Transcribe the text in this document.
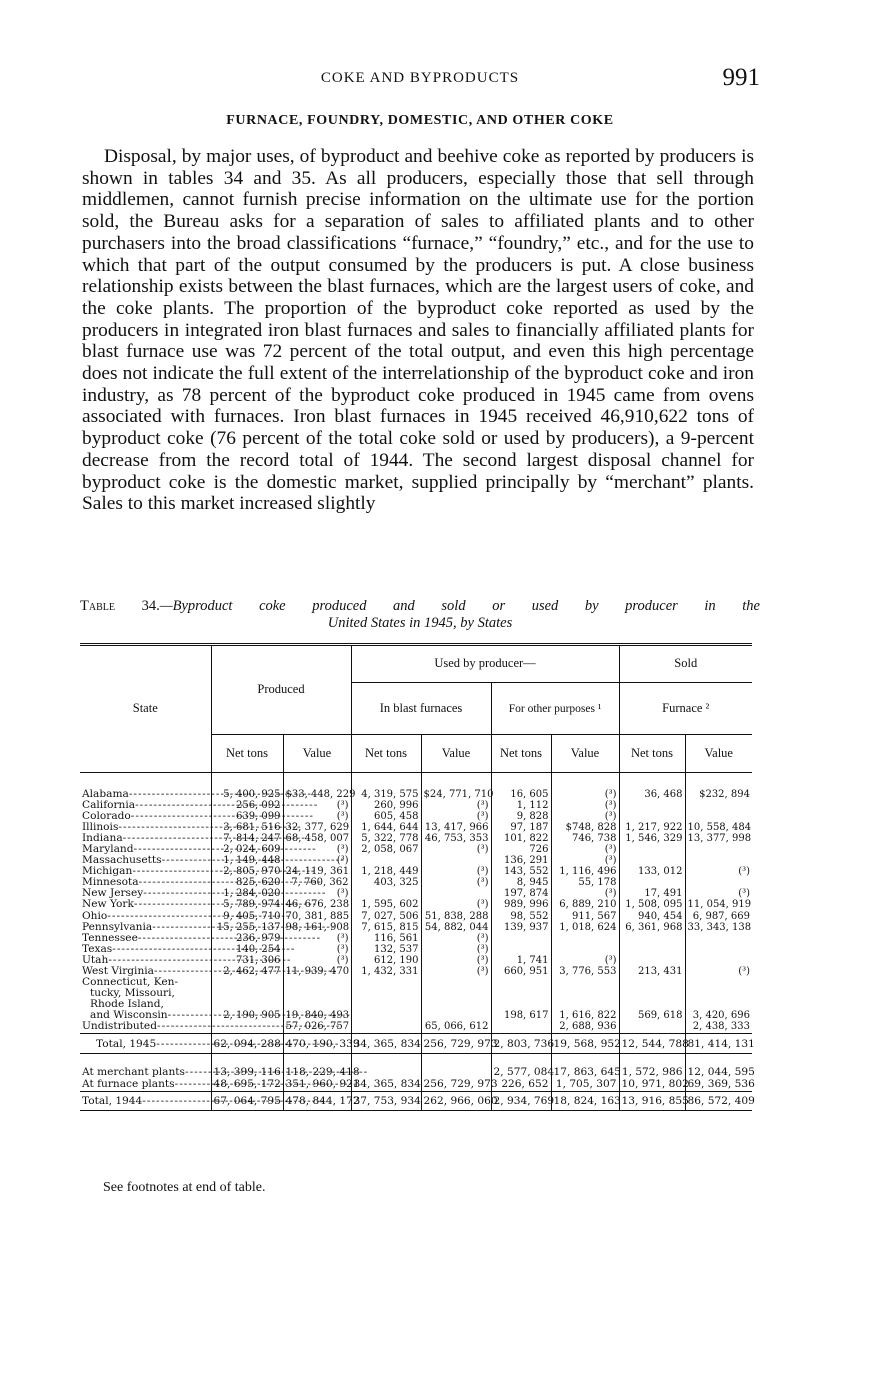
COKE AND BYPRODUCTS	991
FURNACE, FOUNDRY, DOMESTIC, AND OTHER COKE

Disposal, by major uses, of byproduct and beehive coke as reported by producers is shown in tables 34 and 35. As all producers, especially those that sell through middlemen, cannot furnish precise information on the ultimate use for the portion sold, the Bureau asks for a separation of sales to affiliated plants and to other purchasers into the broad classifications “furnace,” “foundry,” etc., and for the use to which that part of the output consumed by the producers is put. A close business relationship exists between the blast furnaces, which are the largest users of coke, and the coke plants. The proportion of the byproduct coke reported as used by the producers in integrated iron blast furnaces and sales to financially affiliated plants for blast furnace use was 72 percent of the total output, and even this high percentage does not indicate the full extent of the interrelationship of the byproduct coke and iron industry, as 78 percent of the byproduct coke produced in 1945 came from ovens associated with furnaces. Iron blast furnaces in 1945 received 46,910,622 tons of byproduct coke (76 percent of the total coke sold or used by producers), a 9-percent decrease from the record total of 1944. The second largest disposal channel for byproduct coke is the domestic market, supplied principally by “merchant” plants. Sales to this market increased slightly

Table 34.—Byproduct coke produced and sold or used by producer in the
United States in 1945, by States
State	Produced		Used by producer—				Sold	
			In blast furnaces		For other purposes ¹		Furnace ²	
	Net tons	Value	Net tons	Value	Net tons	Value	Net tons	Value

Alabama -----	5, 400, 925	$33, 448, 229	4, 319, 575	$24, 771, 710	16, 605	(³)	36, 468	$232, 894
California -----	256, 092	(³)	260, 996	(³)	1, 112	(³)		
Colorado -----	639, 099	(³)	605, 458	(³)	9, 828	(³)		
Illinois -----	3, 681, 516	32, 377, 629	1, 644, 644	13, 417, 966	97, 187	$748, 828	1, 217, 922	10, 558, 484
Indiana -----	7, 814, 247	68, 458, 007	5, 322, 778	46, 753, 353	101, 822	746, 738	1, 546, 329	13, 377, 998
Maryland -----	2, 024, 609	(³)	2, 058, 067	(³)	726	(³)		
Massachusetts -----	1, 149, 448	(³)			136, 291	(³)		
Michigan -----	2, 805, 970	24, 119, 361	1, 218, 449	(³)	143, 552	1, 116, 496	133, 012	(³)
Minnesota -----	825, 620	7, 760, 362	403, 325	(³)	8, 945	55, 178		
New Jersey -----	1, 284, 020	(³)			197, 874	(³)	17, 491	(³)
New York -----	5, 789, 974	46, 676, 238	1, 595, 602	(³)	989, 996	6, 889, 210	1, 508, 095	11, 054, 919
Ohio -----	9, 405, 710	70, 381, 885	7, 027, 506	51, 838, 288	98, 552	911, 567	940, 454	6, 987, 669
Pennsylvania -----	15, 255, 137	98, 161, 908	7, 615, 815	54, 882, 044	139, 937	1, 018, 624	6, 361, 968	33, 343, 138
Tennessee -----	236, 979	(³)	116, 561	(³)				
Texas -----	140, 254	(³)	132, 537	(³)				
Utah -----	731, 306	(³)	612, 190	(³)	1, 741	(³)		
West Virginia -----	2, 462, 477	11, 939, 470	1, 432, 331	(³)	660, 951	3, 776, 553	213, 431	(³)
Connecticut, Ken-								
tucky, Missouri,								
Rhode Island,								
and Wisconsin -----	2, 190, 905	19, 840, 493			198, 617	1, 616, 822	569, 618	3, 420, 696
Undistributed -----		57, 026, 757		65, 066, 612		2, 688, 936		2, 438, 333

Total, 1945 -----	62, 094, 288	470, 190, 339	34, 365, 834	256, 729, 973	2, 803, 736	19, 568, 952	12, 544, 788	81, 414, 131

At merchant plants -----	13, 399, 116	118, 229, 418			2, 577, 084	17, 863, 645	1, 572, 986	12, 044, 595
At furnace plants -----	48, 695, 172	351, 960, 921	34, 365, 834	256, 729, 973	226, 652	1, 705, 307	10, 971, 802	69, 369, 536

Total, 1944 -----	67, 064, 795	478, 844, 172	37, 753, 934	262, 966, 060	2, 934, 769	18, 824, 163	13, 916, 855	86, 572, 409
See footnotes at end of table.
